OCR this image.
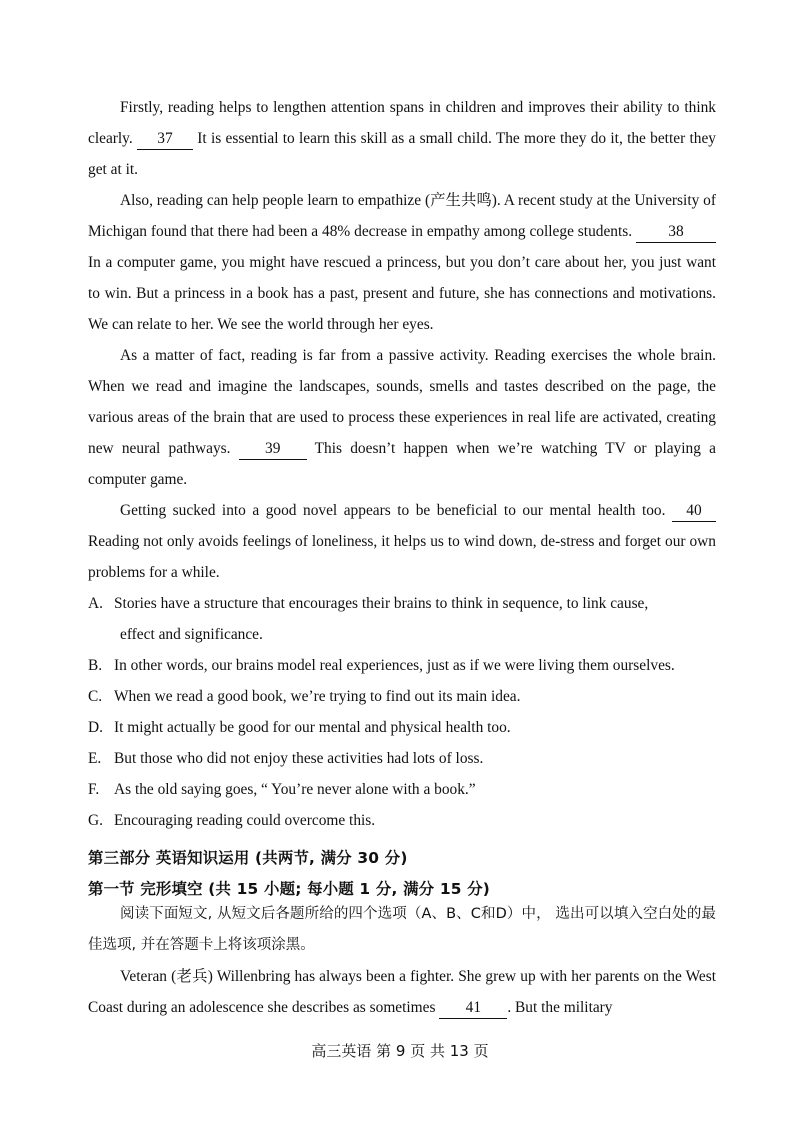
Firstly, reading helps to lengthen attention spans in children and improves their ability to think clearly. 37 It is essential to learn this skill as a small child. The more they do it, the better they get at it.
Also, reading can help people learn to empathize (产生共鸣). A recent study at the University of Michigan found that there had been a 48% decrease in empathy among college students. 38 In a computer game, you might have rescued a princess, but you don’t care about her, you just want to win. But a princess in a book has a past, present and future, she has connections and motivations. We can relate to her. We see the world through her eyes.
As a matter of fact, reading is far from a passive activity. Reading exercises the whole brain. When we read and imagine the landscapes, sounds, smells and tastes described on the page, the various areas of the brain that are used to process these experiences in real life are activated, creating new neural pathways. 39 This doesn’t happen when we’re watching TV or playing a computer game.
Getting sucked into a good novel appears to be beneficial to our mental health too. 40 Reading not only avoids feelings of loneliness, it helps us to wind down, de-stress and forget our own problems for a while.
A. Stories have a structure that encourages their brains to think in sequence, to link cause,
effect and significance.
B. In other words, our brains model real experiences, just as if we were living them ourselves.
C. When we read a good book, we’re trying to find out its main idea.
D. It might actually be good for our mental and physical health too.
E. But those who did not enjoy these activities had lots of loss.
F. As the old saying goes, “ You’re never alone with a book.”
G. Encouraging reading could overcome this.
第三部分 英语知识运用 (共两节, 满分 30 分)
第一节 完形填空 (共 15 小题; 每小题 1 分, 满分 15 分)
阅读下面短文, 从短文后各题所给的四个选项（A、B、C和D）中， 选出可以填入空白处的最佳选项, 并在答题卡上将该项涂黑。
Veteran (老兵) Willenbring has always been a fighter. She grew up with her parents on the West Coast during an adolescence she describes as sometimes 41 . But the military
高三英语 第 9 页 共 13 页
